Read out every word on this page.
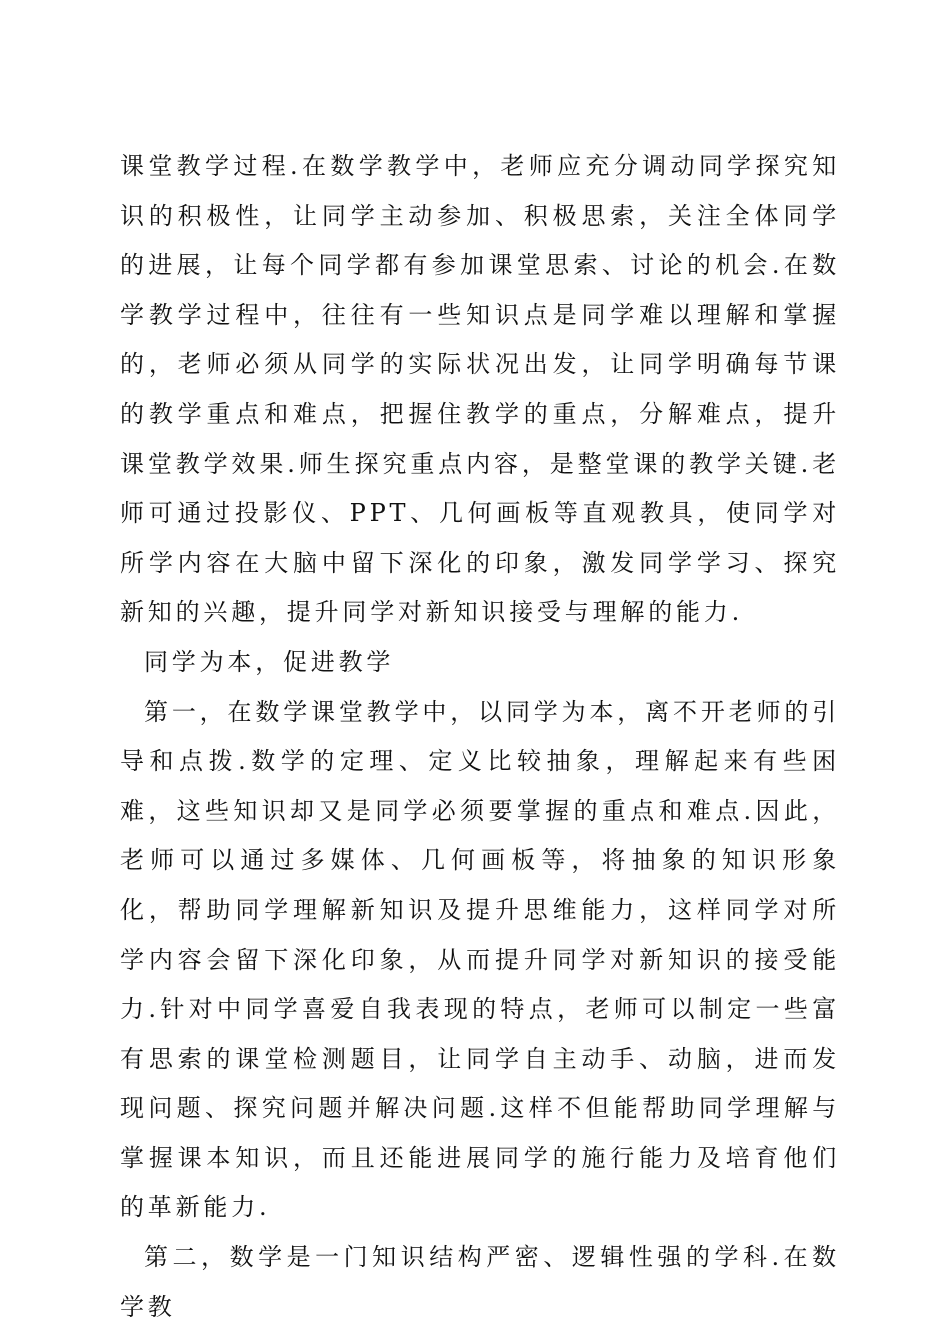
课堂教学过程.在数学教学中，老师应充分调动同学探究知识的积极性，让同学主动参加、积极思索，关注全体同学的进展，让每个同学都有参加课堂思索、讨论的机会.在数学教学过程中，往往有一些知识点是同学难以理解和掌握的，老师必须从同学的实际状况出发，让同学明确每节课的教学重点和难点，把握住教学的重点，分解难点，提升课堂教学效果.师生探究重点内容，是整堂课的教学关键.老师可通过投影仪、PPT、几何画板等直观教具，使同学对所学内容在大脑中留下深化的印象，激发同学学习、探究新知的兴趣，提升同学对新知识接受与理解的能力.

同学为本，促进教学

第一，在数学课堂教学中，以同学为本，离不开老师的引导和点拨.数学的定理、定义比较抽象，理解起来有些困难，这些知识却又是同学必须要掌握的重点和难点.因此，老师可以通过多媒体、几何画板等，将抽象的知识形象化，帮助同学理解新知识及提升思维能力，这样同学对所学内容会留下深化印象，从而提升同学对新知识的接受能力.针对中同学喜爱自我表现的特点，老师可以制定一些富有思索的课堂检测题目，让同学自主动手、动脑，进而发现问题、探究问题并解决问题.这样不但能帮助同学理解与掌握课本知识，而且还能进展同学的施行能力及培育他们的革新能力.

第二，数学是一门知识结构严密、逻辑性强的学科.在数学教
